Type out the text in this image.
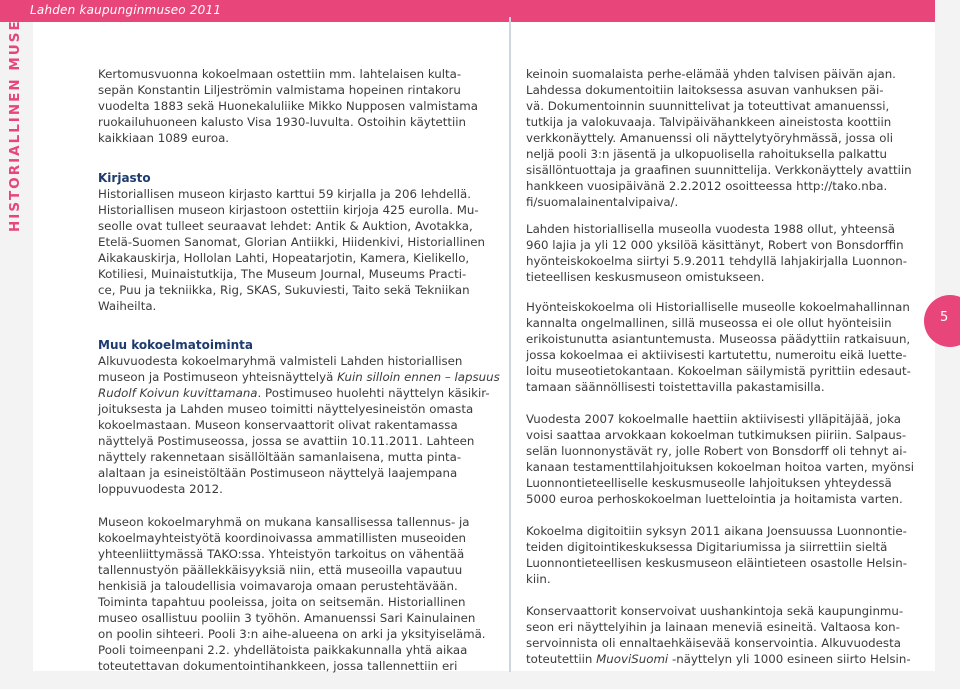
Lahden kaupunginmuseo 2011
HISTORIALLINEN MUSEO
5
Kertomusvuonna kokoelmaan ostettiin mm. lahtelaisen kulta-
sepän Konstantin Liljeströmin valmistama hopeinen rintakoru
vuodelta 1883 sekä Huonekaluliike Mikko Nupposen valmistama
ruokailuhuoneen kalusto Visa 1930-luvulta. Ostoihin käytettiin
kaikkiaan 1089 euroa.
Kirjasto
Historiallisen museon kirjasto karttui 59 kirjalla ja 206 lehdellä.
Historiallisen museon kirjastoon ostettiin kirjoja 425 eurolla. Mu-
seolle ovat tulleet seuraavat lehdet: Antik & Auktion, Avotakka,
Etelä-Suomen Sanomat, Glorian Antiikki, Hiidenkivi, Historiallinen
Aikakauskirja, Hollolan Lahti, Hopeatarjotin, Kamera, Kielikello,
Kotiliesi, Muinaistutkija, The Museum Journal, Museums Practi-
ce, Puu ja tekniikka, Rig, SKAS, Sukuviesti, Taito sekä Tekniikan
Waiheilta.
Muu kokoelmatoiminta
Alkuvuodesta kokoelmaryhmä valmisteli Lahden historiallisen
museon ja Postimuseon yhteisnäyttelyä Kuin silloin ennen – lapsuus
Rudolf Koivun kuvittamana. Postimuseo huolehti näyttelyn käsikir-
joituksesta ja Lahden museo toimitti näyttelyesineistön omasta
kokoelmastaan. Museon konservaattorit olivat rakentamassa
näyttelyä Postimuseossa, jossa se avattiin 10.11.2011. Lahteen
näyttely rakennetaan sisällöltään samanlaisena, mutta pinta-
alaltaan ja esineistöltään Postimuseon näyttelyä laajempana
loppuvuodesta 2012.
Museon kokoelmaryhmä on mukana kansallisessa tallennus- ja
kokoelmayhteistyötä koordinoivassa ammatillisten museoiden
yhteenliittymässä TAKO:ssa. Yhteistyön tarkoitus on vähentää
tallennustyön päällekkäisyyksiä niin, että museoilla vapautuu
henkisiä ja taloudellisia voimavaroja omaan perustehtävään.
Toiminta tapahtuu pooleissa, joita on seitsemän. Historiallinen
museo osallistuu pooliin 3 työhön. Amanuenssi Sari Kainulainen
on poolin sihteeri. Pooli 3:n aihe-alueena on arki ja yksityiselämä.
Pooli toimeenpani 2.2. yhdellätoista paikkakunnalla yhtä aikaa
toteutettavan dokumentointihankkeen, jossa tallennettiin eri
keinoin suomalaista perhe-elämää yhden talvisen päivän ajan.
Lahdessa dokumentoitiin laitoksessa asuvan vanhuksen päi-
vä. Dokumentoinnin suunnittelivat ja toteuttivat amanuenssi,
tutkija ja valokuvaaja. Talvipäivähankkeen aineistosta koottiin
verkkonäyttely. Amanuenssi oli näyttelytyöryhmässä, jossa oli
neljä pooli 3:n jäsentä ja ulkopuolisella rahoituksella palkattu
sisällöntuottaja ja graafinen suunnittelija. Verkkonäyttely avattiin
hankkeen vuosipäivänä 2.2.2012 osoitteessa http://tako.nba.
fi/suomalainentalvipaiva/.
Lahden historiallisella museolla vuodesta 1988 ollut, yhteensä
960 lajia ja yli 12 000 yksilöä käsittänyt, Robert von Bonsdorffin
hyönteiskokoelma siirtyi 5.9.2011 tehdyllä lahjakirjalla Luonnon-
tieteellisen keskusmuseon omistukseen.
Hyönteiskokoelma oli Historialliselle museolle kokoelmahallinnan
kannalta ongelmallinen, sillä museossa ei ole ollut hyönteisiin
erikoistunutta asiantuntemusta. Museossa päädyttiin ratkaisuun,
jossa kokoelmaa ei aktiivisesti kartutettu, numeroitu eikä luette-
loitu museotietokantaan. Kokoelman säilymistä pyrittiin edesaut-
tamaan säännöllisesti toistettavilla pakastamisilla.
Vuodesta 2007 kokoelmalle haettiin aktiivisesti ylläpitäjää, joka
voisi saattaa arvokkaan kokoelman tutkimuksen piiriin. Salpaus-
selän luonnonystävät ry, jolle Robert von Bonsdorff oli tehnyt ai-
kanaan testamenttilahjoituksen kokoelman hoitoa varten, myönsi
Luonnontieteelliselle keskusmuseolle lahjoituksen yhteydessä
5000 euroa perhoskokoelman luettelointia ja hoitamista varten.
Kokoelma digitoitiin syksyn 2011 aikana Joensuussa Luonnontie-
teiden digitointikeskuksessa Digitariumissa ja siirrettiin sieltä
Luonnontieteellisen keskusmuseon eläintieteen osastolle Helsin-
kiin.
Konservaattorit konservoivat uushankintoja sekä kaupunginmu-
seon eri näyttelyihin ja lainaan meneviä esineitä. Valtaosa kon-
servoinnista oli ennaltaehkäisevää konservointia. Alkuvuodesta
toteutettiin MuoviSuomi -näyttelyn yli 1000 esineen siirto Helsin-
